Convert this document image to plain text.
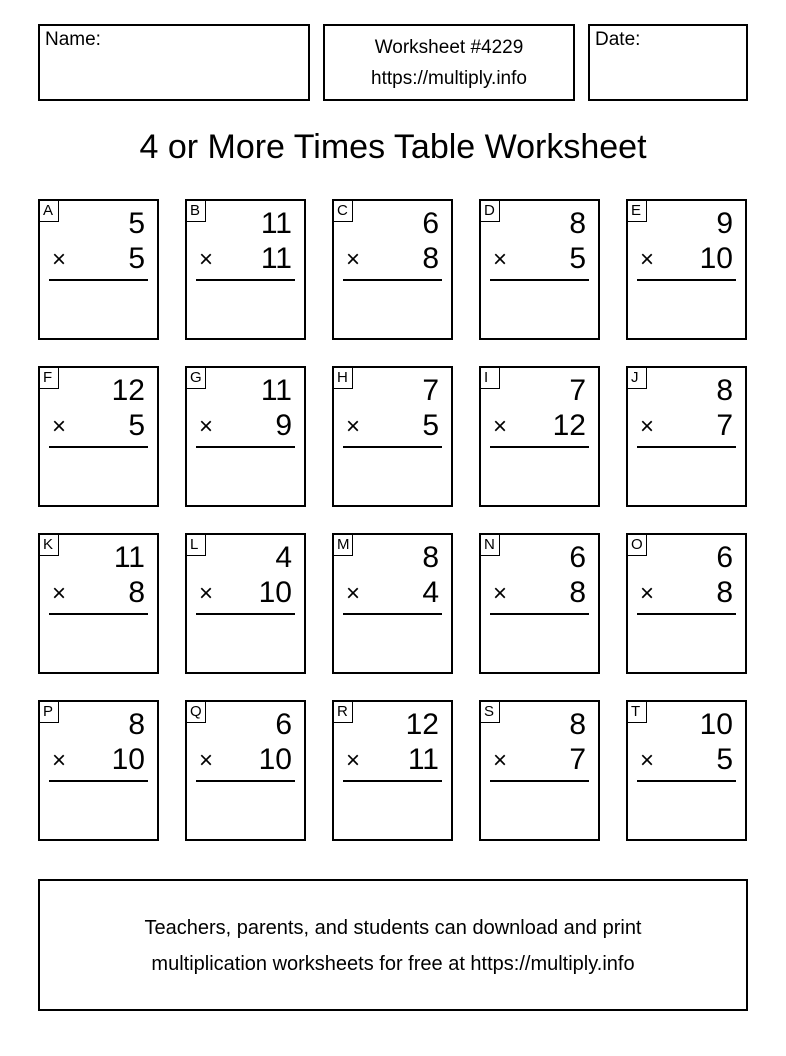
Name:	Worksheet #4229
https://multiply.info
Date:
4 or More Times Table Worksheet
A	5
× 5
B 11
× 11
C 6
× 8
D 8
× 5
E	9
× 10
F 12
× 5
G 11
× 9
H 7
× 5
I	7
× 12
J	8
× 7
K 11
× 8
L	4
× 10
M 8
× 4
N 6
× 8
O 6
× 8
P	8
× 10
Q 6
× 10
R 12
× 11
S	8
× 7
T 10
× 5
Teachers, parents, and students can download and print
multiplication worksheets for free at https://multiply.info
